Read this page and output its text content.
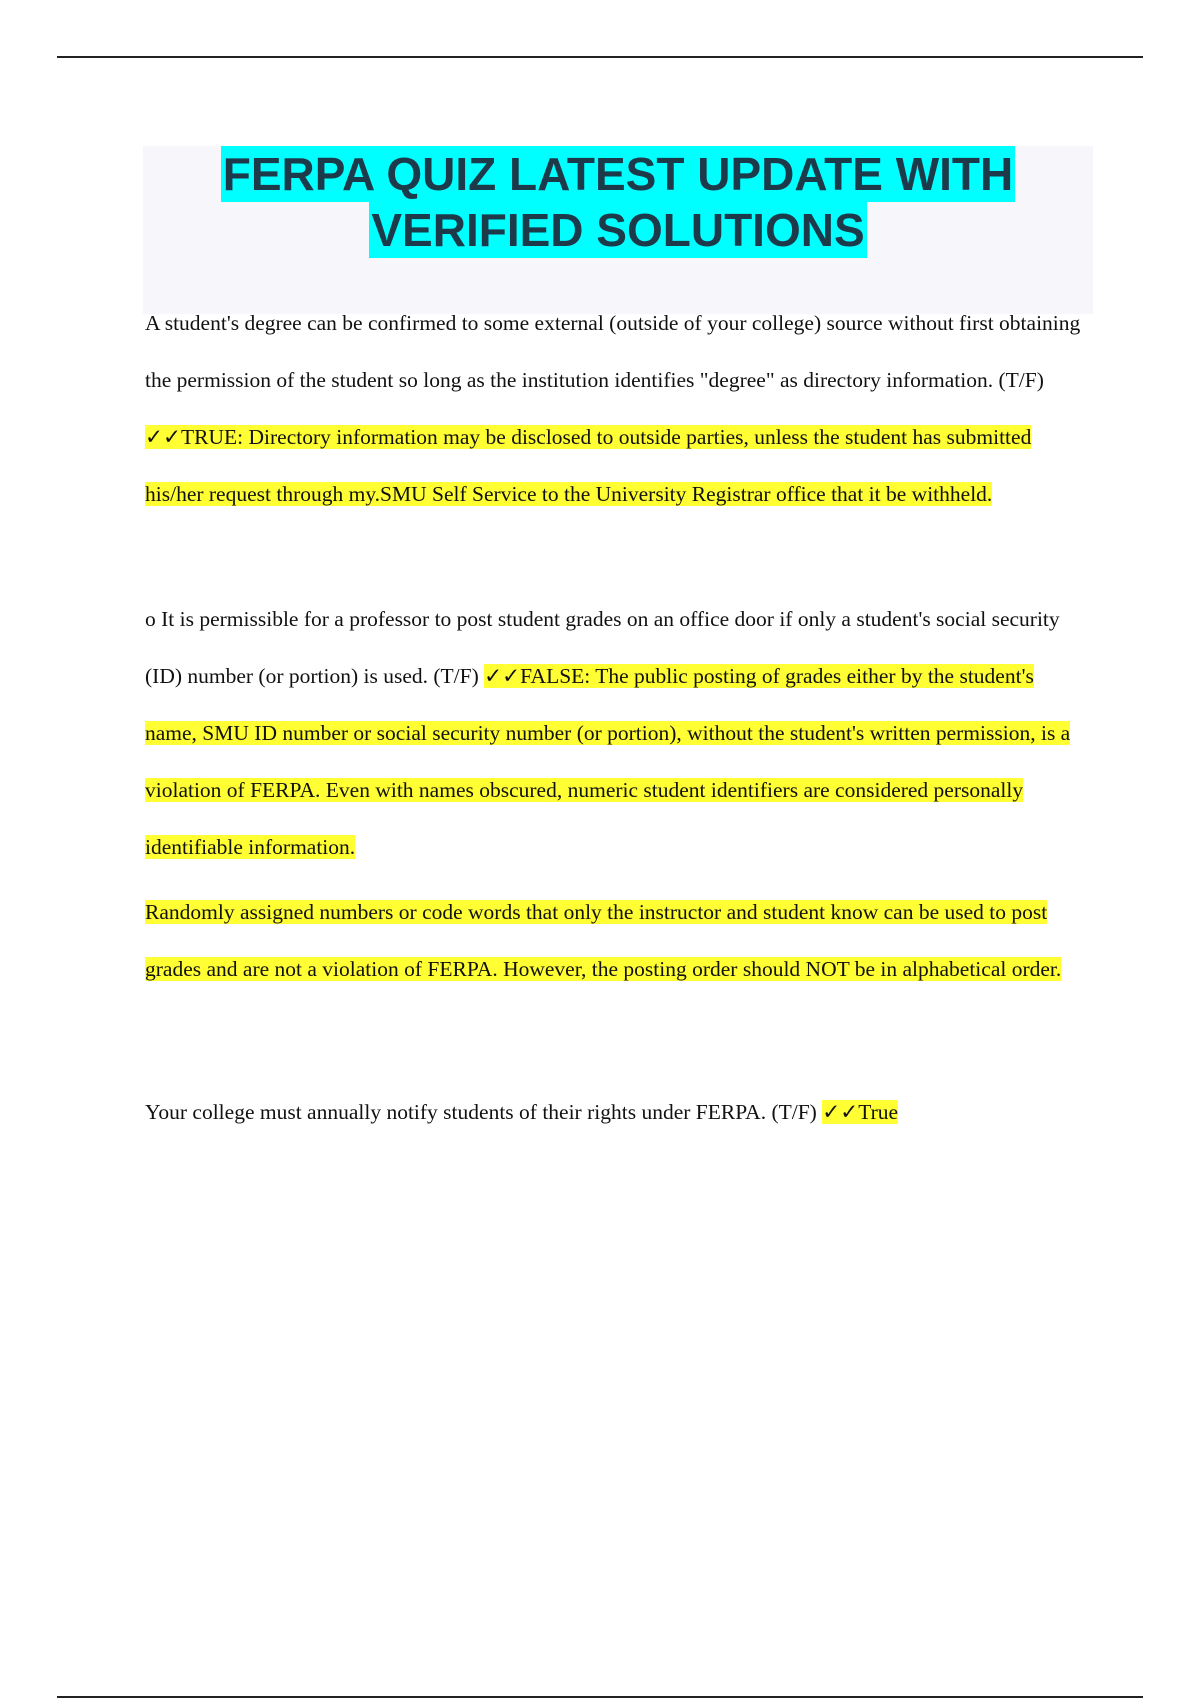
FERPA QUIZ LATEST UPDATE WITH
VERIFIED SOLUTIONS

A student's degree can be confirmed to some external (outside of your college) source without first obtaining the permission of the student so long as the institution identifies "degree" as directory information. (T/F) ✓✓TRUE: Directory information may be disclosed to outside parties, unless the student has submitted his/her request through my.SMU Self Service to the University Registrar office that it be withheld.

o It is permissible for a professor to post student grades on an office door if only a student's social security (ID) number (or portion) is used. (T/F) ✓✓FALSE: The public posting of grades either by the student's name, SMU ID number or social security number (or portion), without the student's written permission, is a violation of FERPA. Even with names obscured, numeric student identifiers are considered personally identifiable information.

Randomly assigned numbers or code words that only the instructor and student know can be used to post grades and are not a violation of FERPA. However, the posting order should NOT be in alphabetical order.

Your college must annually notify students of their rights under FERPA. (T/F) ✓✓True
